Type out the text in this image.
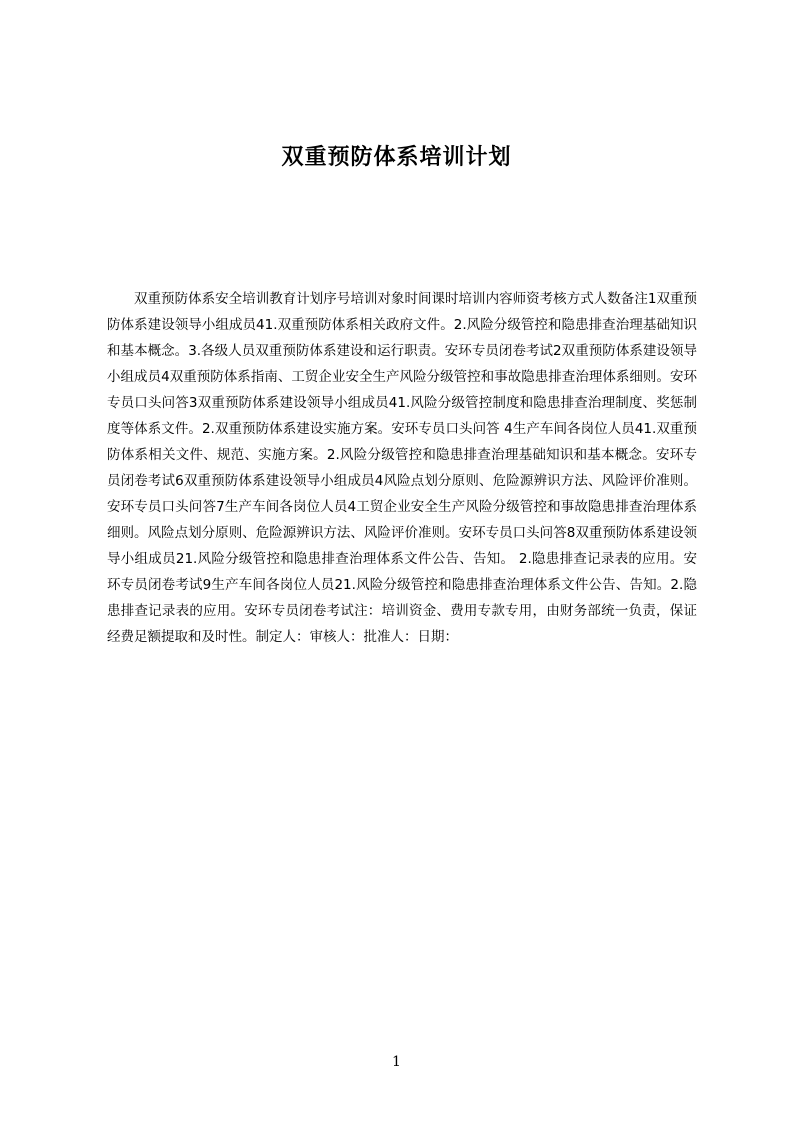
双重预防体系培训计划

双重预防体系安全培训教育计划序号培训对象时间课时培训内容师资考核方式人数备注1双重预防体系建设领导小组成员41.双重预防体系相关政府文件。2.风险分级管控和隐患排查治理基础知识和基本概念。3.各级人员双重预防体系建设和运行职责。安环专员闭卷考试2双重预防体系建设领导小组成员4双重预防体系指南、工贸企业安全生产风险分级管控和事故隐患排查治理体系细则。安环专员口头问答3双重预防体系建设领导小组成员41.风险分级管控制度和隐患排查治理制度、奖惩制度等体系文件。2.双重预防体系建设实施方案。安环专员口头问答 4生产车间各岗位人员41.双重预防体系相关文件、规范、实施方案。2.风险分级管控和隐患排查治理基础知识和基本概念。安环专员闭卷考试6双重预防体系建设领导小组成员4风险点划分原则、危险源辨识方法、风险评价准则。安环专员口头问答7生产车间各岗位人员4工贸企业安全生产风险分级管控和事故隐患排查治理体系细则。风险点划分原则、危险源辨识方法、风险评价准则。安环专员口头问答8双重预防体系建设领导小组成员21.风险分级管控和隐患排查治理体系文件公告、告知。 2.隐患排查记录表的应用。安环专员闭卷考试9生产车间各岗位人员21.风险分级管控和隐患排查治理体系文件公告、告知。2.隐患排查记录表的应用。安环专员闭卷考试注：培训资金、费用专款专用，由财务部统一负责，保证经费足额提取和及时性。制定人：审核人：批准人：日期：

1
